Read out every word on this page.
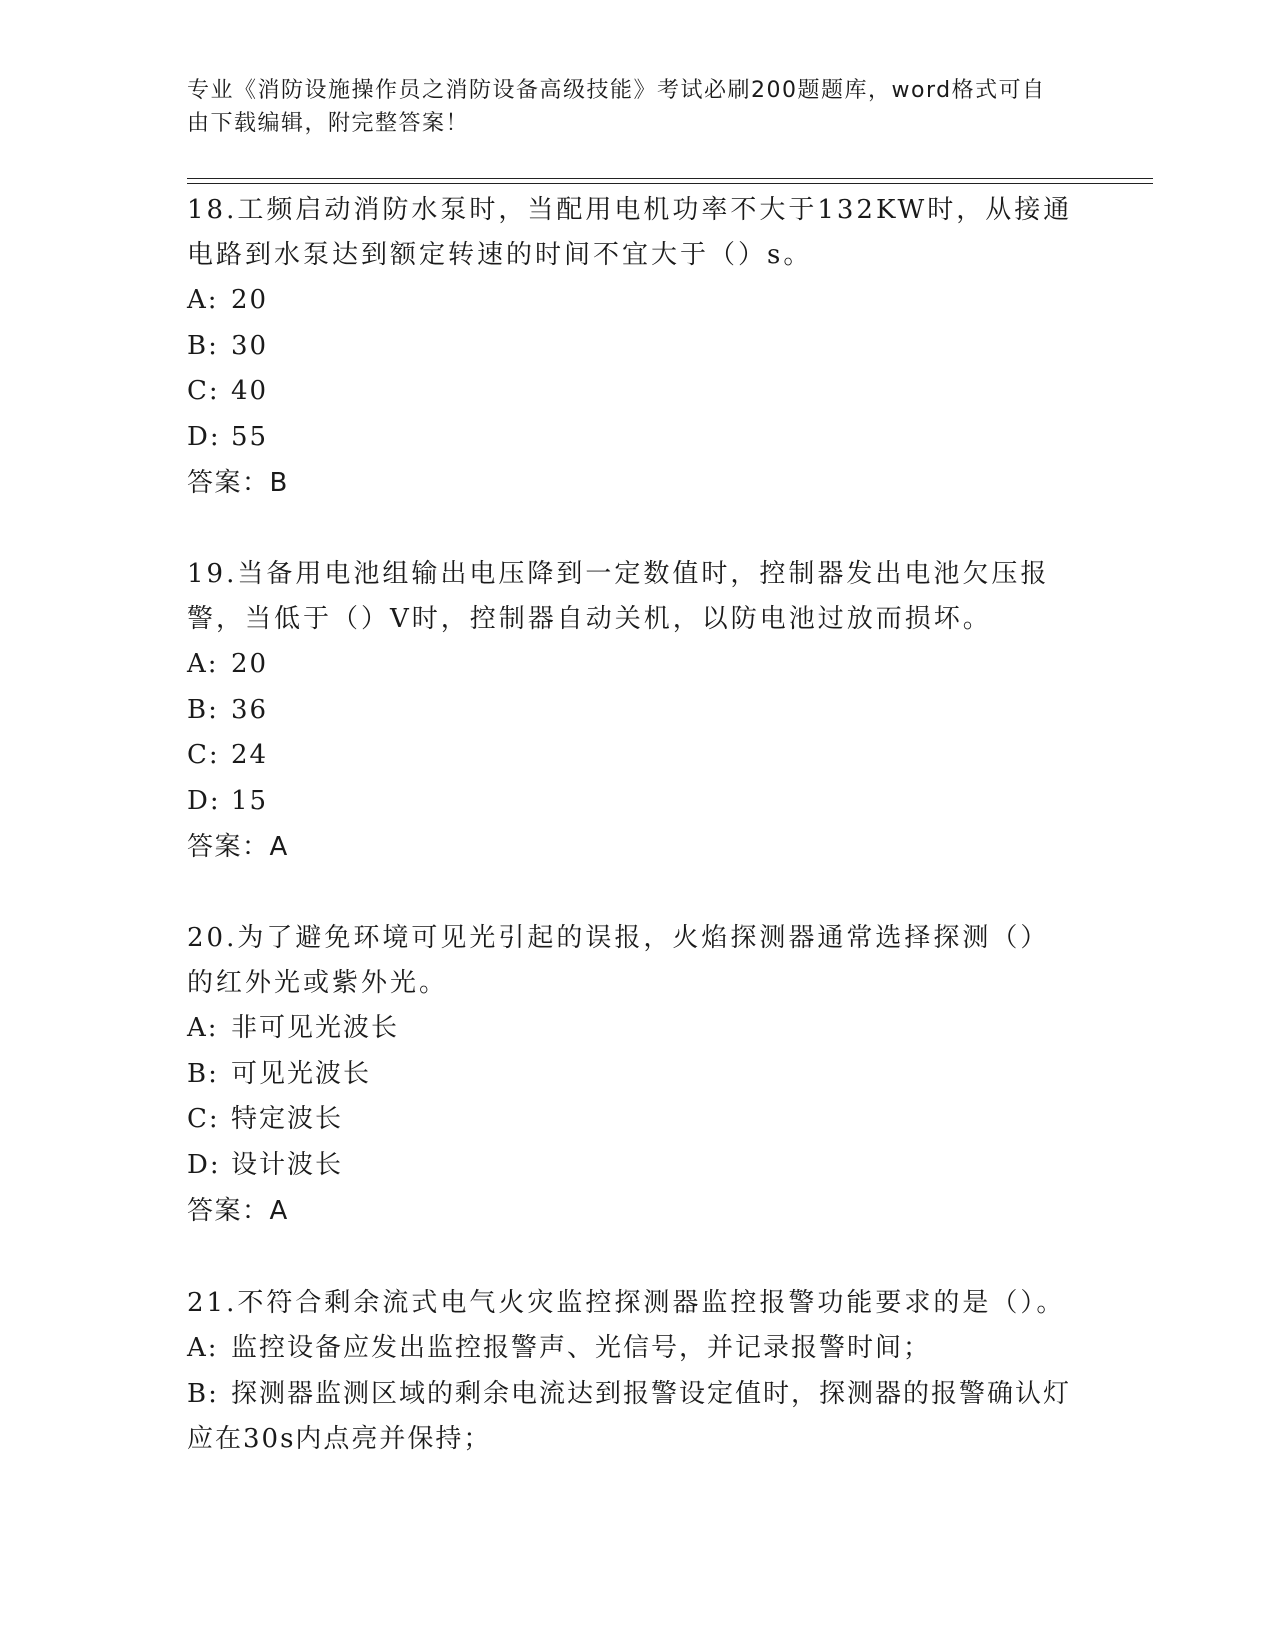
专业《消防设施操作员之消防设备高级技能》考试必刷200题题库，word格式可自由下载编辑，附完整答案！

18.工频启动消防水泵时，当配用电机功率不大于132KW时，从接通电路到水泵达到额定转速的时间不宜大于（）s。

A: 20

B: 30

C: 40

D: 55

答案：B

19.当备用电池组输出电压降到一定数值时，控制器发出电池欠压报警，当低于（）V时，控制器自动关机，以防电池过放而损坏。

A: 20

B: 36

C: 24

D: 15

答案：A

20.为了避免环境可见光引起的误报，火焰探测器通常选择探测（）的红外光或紫外光。

A: 非可见光波长

B: 可见光波长

C: 特定波长

D: 设计波长

答案：A

21.不符合剩余流式电气火灾监控探测器监控报警功能要求的是（）。

A: 监控设备应发出监控报警声、光信号，并记录报警时间；

B: 探测器监测区域的剩余电流达到报警设定值时，探测器的报警确认灯应在30s内点亮并保持；
